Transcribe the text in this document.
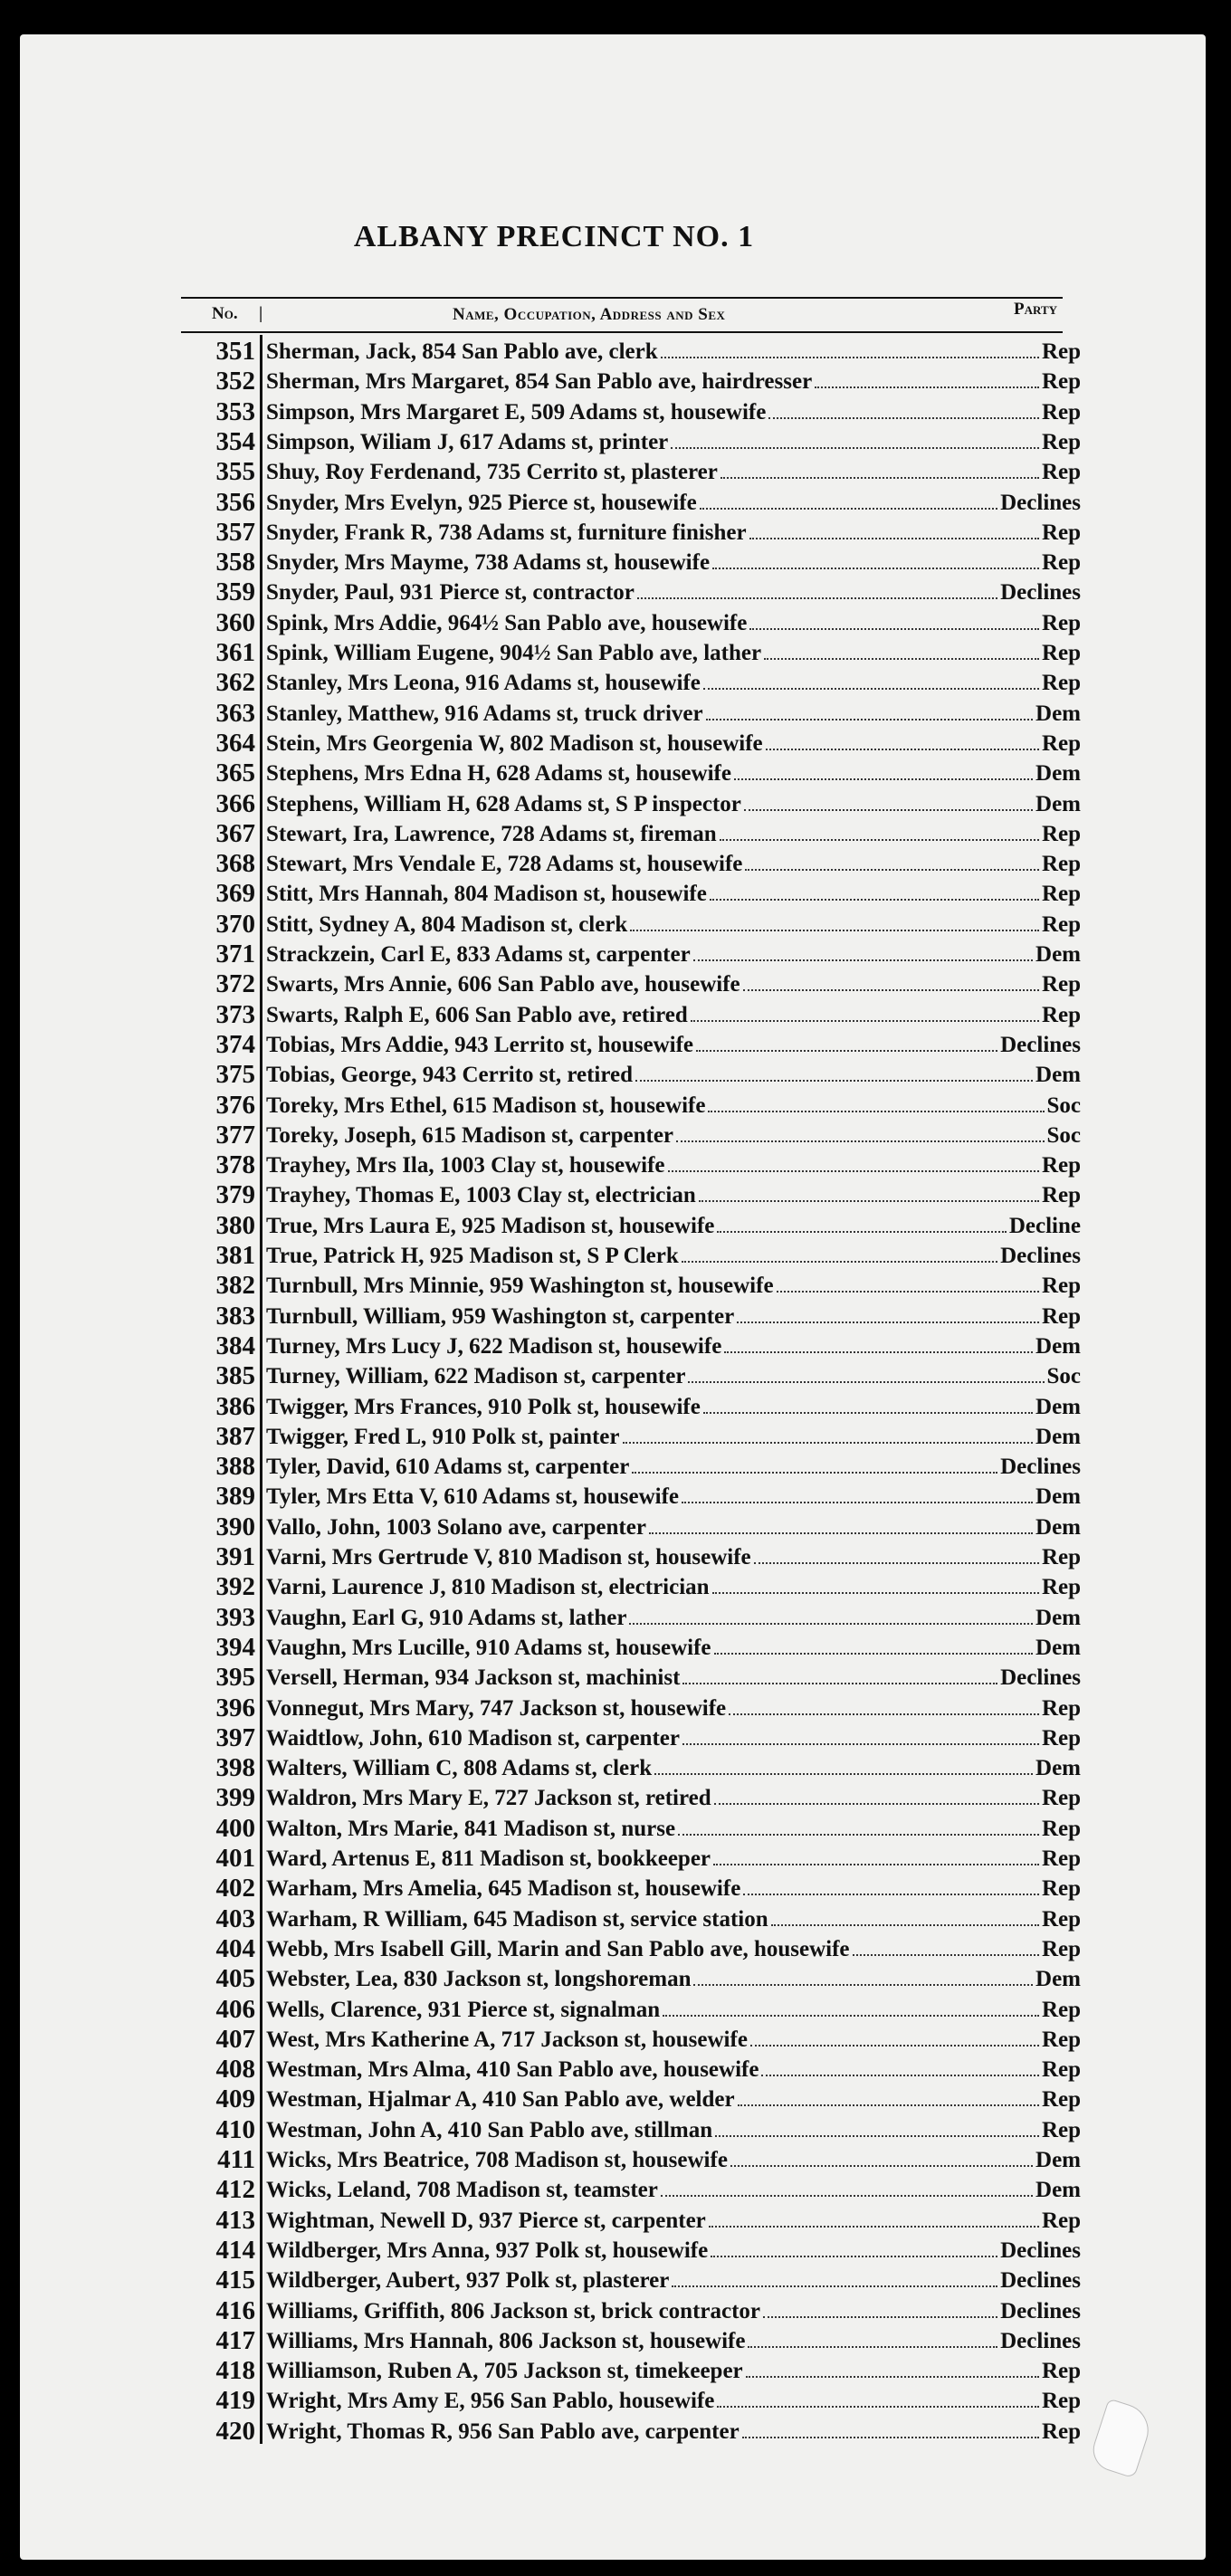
ALBANY PRECINCT NO. 1
No. |	Name, Occupation, Address and Sex	Party
351 Sherman, Jack, 854 San Pablo ave, clerk	Rep
352 Sherman, Mrs Margaret, 854 San Pablo ave, hairdresser	Rep
353 Simpson, Mrs Margaret E, 509 Adams st, housewife	Rep
354 Simpson, Wiliam J, 617 Adams st, printer	Rep
355 Shuy, Roy Ferdenand, 735 Cerrito st, plasterer	Rep
356 Snyder, Mrs Evelyn, 925 Pierce st, housewife	Declines
357 Snyder, Frank R, 738 Adams st, furniture finisher	Rep
358 Snyder, Mrs Mayme, 738 Adams st, housewife	Rep
359 Snyder, Paul, 931 Pierce st, contractor	Declines
360 Spink, Mrs Addie, 964½ San Pablo ave, housewife	Rep
361 Spink, William Eugene, 904½ San Pablo ave, lather	Rep
362 Stanley, Mrs Leona, 916 Adams st, housewife	Rep
363 Stanley, Matthew, 916 Adams st, truck driver	Dem
364 Stein, Mrs Georgenia W, 802 Madison st, housewife	Rep
365 Stephens, Mrs Edna H, 628 Adams st, housewife	Dem
366 Stephens, William H, 628 Adams st, S P inspector	Dem
367 Stewart, Ira, Lawrence, 728 Adams st, fireman	Rep
368 Stewart, Mrs Vendale E, 728 Adams st, housewife	Rep
369 Stitt, Mrs Hannah, 804 Madison st, housewife	Rep
370 Stitt, Sydney A, 804 Madison st, clerk	Rep
371 Strackzein, Carl E, 833 Adams st, carpenter	Dem
372 Swarts, Mrs Annie, 606 San Pablo ave, housewife	Rep
373 Swarts, Ralph E, 606 San Pablo ave, retired	Rep
374 Tobias, Mrs Addie, 943 Lerrito st, housewife	Declines
375 Tobias, George, 943 Cerrito st, retired	Dem
376 Toreky, Mrs Ethel, 615 Madison st, housewife	Soc
377 Toreky, Joseph, 615 Madison st, carpenter	Soc
378 Trayhey, Mrs Ila, 1003 Clay st, housewife	Rep
379 Trayhey, Thomas E, 1003 Clay st, electrician	Rep
380 True, Mrs Laura E, 925 Madison st, housewife	Decline
381 True, Patrick H, 925 Madison st, S P Clerk	Declines
382 Turnbull, Mrs Minnie, 959 Washington st, housewife	Rep
383 Turnbull, William, 959 Washington st, carpenter	Rep
384 Turney, Mrs Lucy J, 622 Madison st, housewife	Dem
385 Turney, William, 622 Madison st, carpenter	Soc
386 Twigger, Mrs Frances, 910 Polk st, housewife	Dem
387 Twigger, Fred L, 910 Polk st, painter	Dem
388 Tyler, David, 610 Adams st, carpenter	Declines
389 Tyler, Mrs Etta V, 610 Adams st, housewife	Dem
390 Vallo, John, 1003 Solano ave, carpenter	Dem
391 Varni, Mrs Gertrude V, 810 Madison st, housewife	Rep
392 Varni, Laurence J, 810 Madison st, electrician	Rep
393 Vaughn, Earl G, 910 Adams st, lather	Dem
394 Vaughn, Mrs Lucille, 910 Adams st, housewife	Dem
395 Versell, Herman, 934 Jackson st, machinist	Declines
396 Vonnegut, Mrs Mary, 747 Jackson st, housewife	Rep
397 Waidtlow, John, 610 Madison st, carpenter	Rep
398 Walters, William C, 808 Adams st, clerk	Dem
399 Waldron, Mrs Mary E, 727 Jackson st, retired	Rep
400 Walton, Mrs Marie, 841 Madison st, nurse	Rep
401 Ward, Artenus E, 811 Madison st, bookkeeper	Rep
402 Warham, Mrs Amelia, 645 Madison st, housewife	Rep
403 Warham, R William, 645 Madison st, service station	Rep
404 Webb, Mrs Isabell Gill, Marin and San Pablo ave, housewife	Rep
405 Webster, Lea, 830 Jackson st, longshoreman	Dem
406 Wells, Clarence, 931 Pierce st, signalman	Rep
407 West, Mrs Katherine A, 717 Jackson st, housewife	Rep
408 Westman, Mrs Alma, 410 San Pablo ave, housewife	Rep
409 Westman, Hjalmar A, 410 San Pablo ave, welder	Rep
410 Westman, John A, 410 San Pablo ave, stillman	Rep
411 Wicks, Mrs Beatrice, 708 Madison st, housewife	Dem
412 Wicks, Leland, 708 Madison st, teamster	Dem
413 Wightman, Newell D, 937 Pierce st, carpenter	Rep
414 Wildberger, Mrs Anna, 937 Polk st, housewife	Declines
415 Wildberger, Aubert, 937 Polk st, plasterer	Declines
416 Williams, Griffith, 806 Jackson st, brick contractor	Declines
417 Williams, Mrs Hannah, 806 Jackson st, housewife	Declines
418 Williamson, Ruben A, 705 Jackson st, timekeeper	Rep
419 Wright, Mrs Amy E, 956 San Pablo, housewife	Rep
420 Wright, Thomas R, 956 San Pablo ave, carpenter	Rep
